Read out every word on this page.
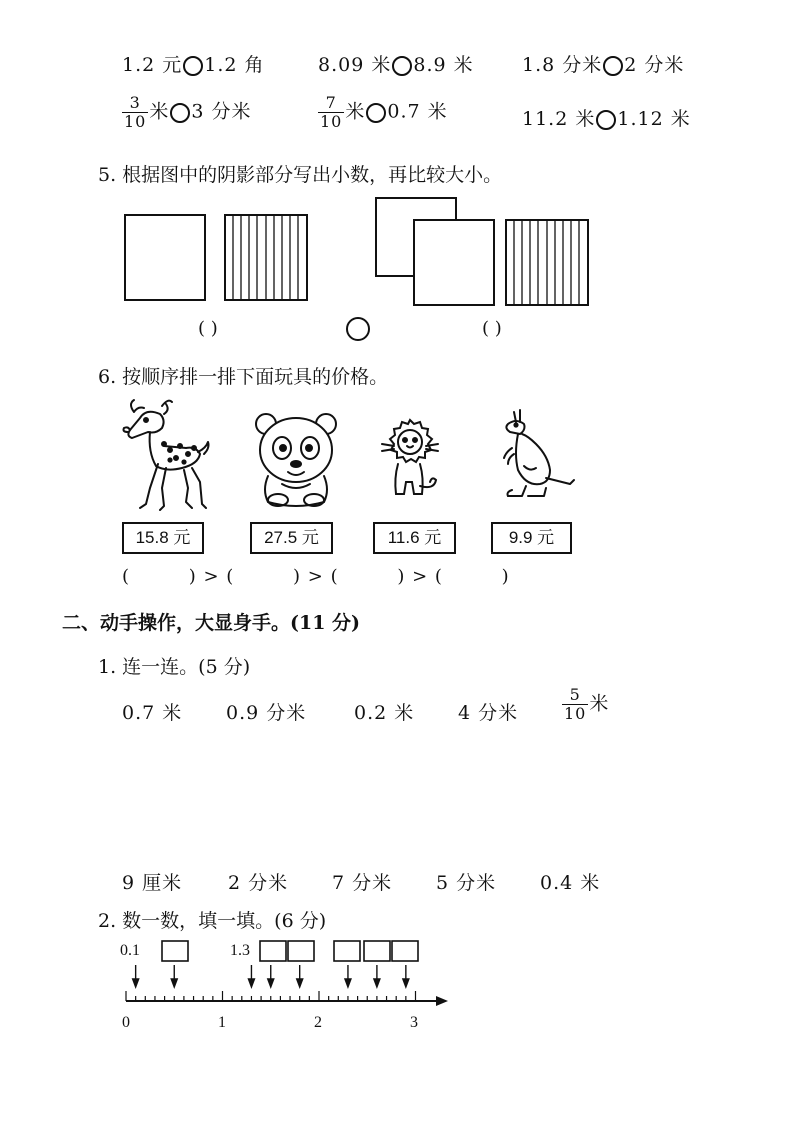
1.2 元 1.2 角	8.09 米 8.9 米	1.8 分米 2 分米
$\frac{3}{10}$ 米 3 分米	$\frac{7}{10}$ 米 0.7 米	11.2 米 1.12 米
5. 根据图中的阴影部分写出小数，再比较大小。
( )	( )
6. 按顺序排一排下面玩具的价格。
15.8 元	27.5 元	11.6 元	9.9 元
(	) > (	) > (	) > (	)
二、动手操作，大显身手。(11 分)
1. 连一连。(5 分)
0.7 米 0.9 分米	0.2 米 4 分米	$\frac{5}{10}$ 米
9 厘米 2 分米 7 分米 5 分米 0.4 米
2. 数一数，填一填。(6 分)
0.1	1.3
0	1	2	3
